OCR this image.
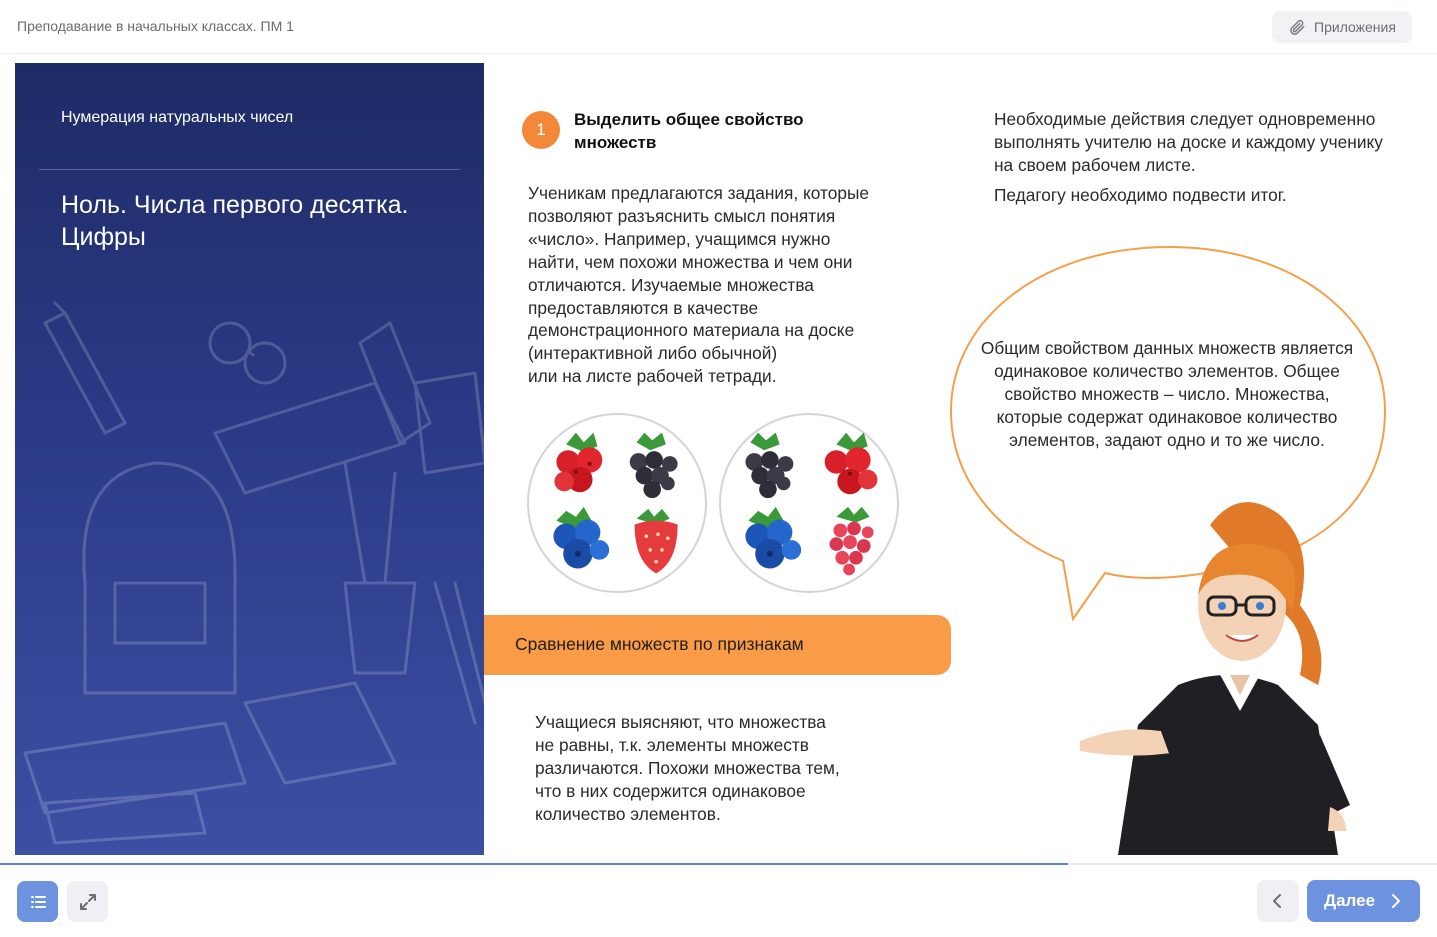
Преподавание в начальных классах. ПМ 1	Приложения
Нумерация натуральных чисел
Ноль. Числа первого десятка. Цифры
1
Выделить общее свойство множеств
Ученикам предлагаются задания, которые
позволяют разъяснить смысл понятия
«число». Например, учащимся нужно
найти, чем похожи множества и чем они
отличаются. Изучаемые множества
предоставляются в качестве
демонстрационного материала на доске
(интерактивной либо обычной)
или на листе рабочей тетради.
Сравнение множеств по признакам
Учащиеся выясняют, что множества
не равны, т.к. элементы множеств
различаются. Похожи множества тем,
что в них содержится одинаковое
количество элементов.

Необходимые действия следует одновременно выполнять учителю на доске и каждому ученику на своем рабочем листе.

Педагогу необходимо подвести итог.

Общим свойством данных множеств является одинаковое количество элементов. Общее свойство множеств – число. Множества, которые содержат одинаковое количество элементов, задают одно и то же число.
Далее
